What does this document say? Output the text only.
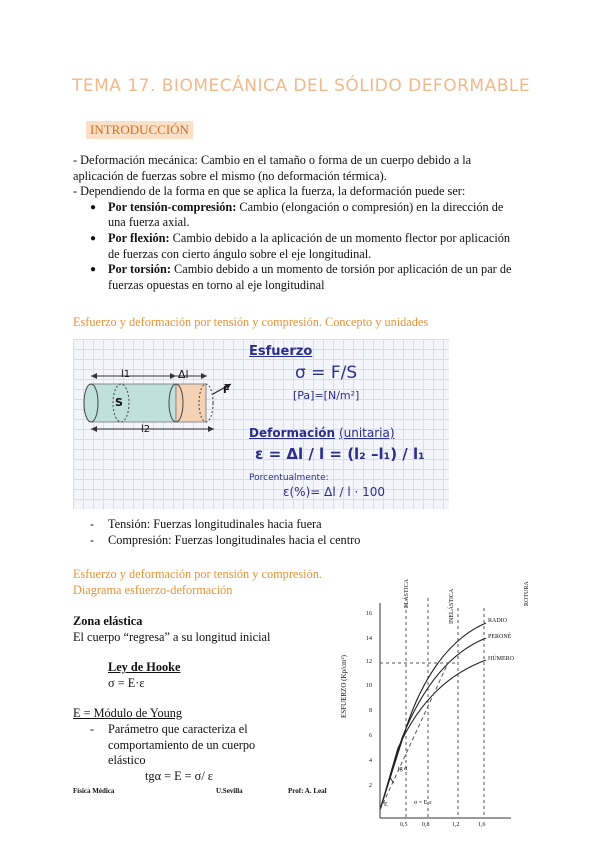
TEMA 17. BIOMECÁNICA DEL SÓLIDO DEFORMABLE
INTRODUCCIÓN
- Deformación mecánica: Cambio en el tamaño o forma de un cuerpo debido a la aplicación de fuerzas sobre el mismo (no deformación térmica).
- Dependiendo de la forma en que se aplica la fuerza, la deformación puede ser:
● Por tensión-compresión: Cambio (elongación o compresión) en la dirección de una fuerza axial.
● Por flexión: Cambio debido a la aplicación de un momento flector por aplicación de fuerzas con cierto ángulo sobre el eje longitudinal.
● Por torsión: Cambio debido a un momento de torsión por aplicación de un par de fuerzas opuestas en torno al eje longitudinal
Esfuerzo y deformación por tensión y compresión. Concepto y unidades
l1	Δl
S
F
l2
Esfuerzo
σ = F/S
[Pa]=[N/m²]
Deformación (unitaria)
ε = Δl / l = (l₂ –l₁) / l₁
Porcentualmente:
ε(%)= Δl / l · 100
- Tensión: Fuerzas longitudinales hacia fuera
- Compresión: Fuerzas longitudinales hacia el centro
Esfuerzo y deformación por tensión y compresión.
Diagrama esfuerzo-deformación
Zona elástica
El cuerpo “regresa” a su longitud inicial
Ley de Hooke
σ = E·ε
E = Módulo de Young
- Parámetro que caracteriza el comportamiento de un cuerpo elástico
tgα = E = σ/ ε
ESFUERZO (Kp/cm²)
ELÁSTICA	INELÁSTICA	ROTURA
RADIO
PERONÉ
HÚMERO
16
14
12
10
8
6
4
2
0,5 0,8	1,2	1,6
tg α
σ = E·ε
E
Física Médica	U.Sevilla	Prof: A. Leal
